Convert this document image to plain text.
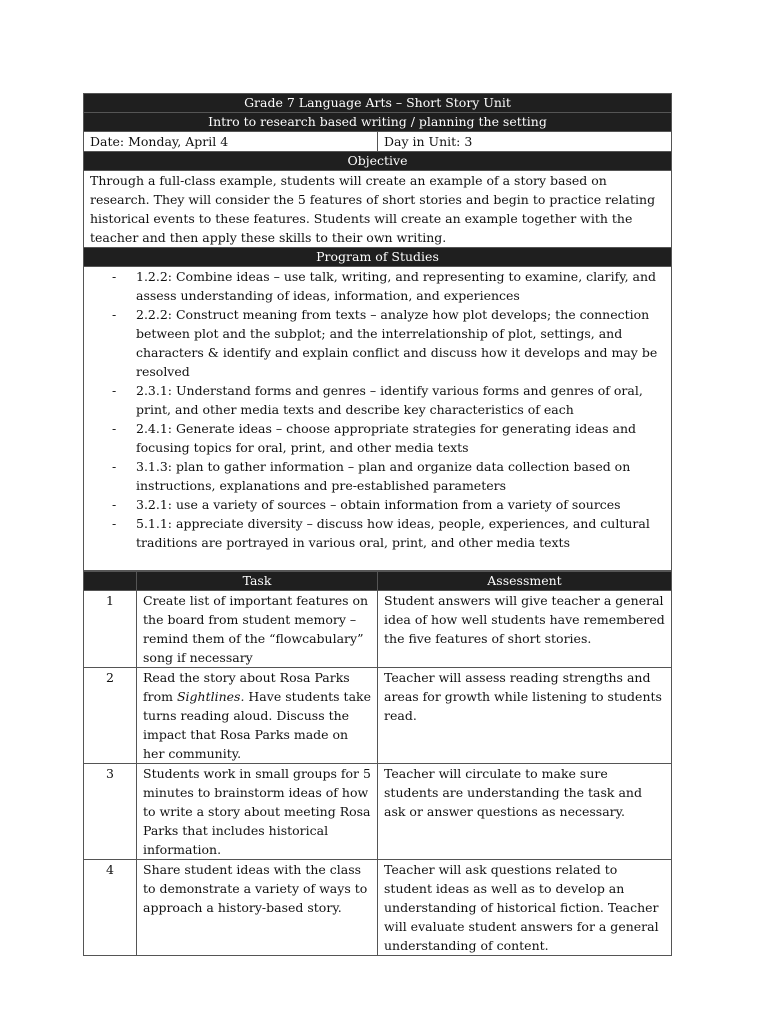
Grade 7 Language Arts – Short Story Unit
Intro to research based writing / planning the setting
Date: Monday, April 4	Day in Unit: 3
Objective
Through a full-class example, students will create an example of a story based on research. They will consider the 5 features of short stories and begin to practice relating historical events to these features. Students will create an example together with the teacher and then apply these skills to their own writing.
Program of Studies

- 1.2.2: Combine ideas – use talk, writing, and representing to examine, clarify, and assess understanding of ideas, information, and experiences
- 2.2.2: Construct meaning from texts – analyze how plot develops; the connection between plot and the subplot; and the interrelationship of plot, settings, and characters & identify and explain conflict and discuss how it develops and may be resolved
- 2.3.1: Understand forms and genres – identify various forms and genres of oral, print, and other media texts and describe key characteristics of each
- 2.4.1: Generate ideas – choose appropriate strategies for generating ideas and focusing topics for oral, print, and other media texts
- 3.1.3: plan to gather information – plan and organize data collection based on instructions, explanations and pre-established parameters
- 3.2.1: use a variety of sources – obtain information from a variety of sources
- 5.1.1: appreciate diversity – discuss how ideas, people, experiences, and cultural traditions are portrayed in various oral, print, and other media texts
	Task	Assessment
1	Create list of important features on the board from student memory – remind them of the “flowcabulary” song if necessary	Student answers will give teacher a general idea of how well students have remembered the five features of short stories.
2	Read the story about Rosa Parks from Sightlines. Have students take turns reading aloud. Discuss the impact that Rosa Parks made on her community.	Teacher will assess reading strengths and areas for growth while listening to students read.
3	Students work in small groups for 5 minutes to brainstorm ideas of how to write a story about meeting Rosa Parks that includes historical information.	Teacher will circulate to make sure students are understanding the task and ask or answer questions as necessary.
4	Share student ideas with the class to demonstrate a variety of ways to approach a history-based story.	Teacher will ask questions related to student ideas as well as to develop an understanding of historical fiction. Teacher will evaluate student answers for a general understanding of content.
